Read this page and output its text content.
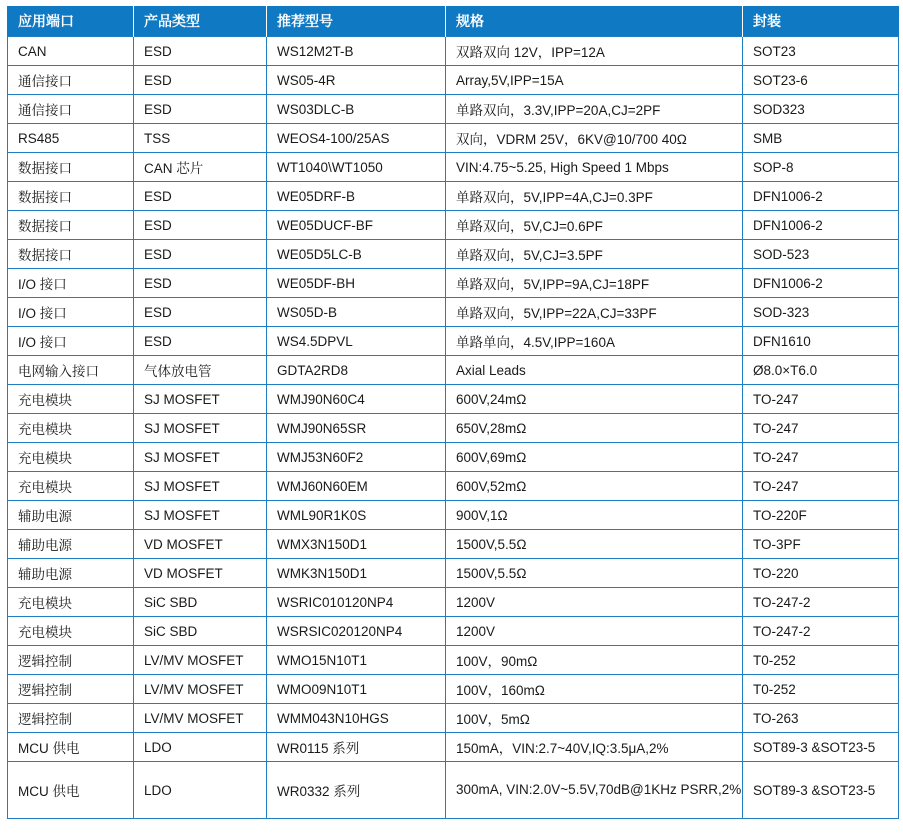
应用端口	产品类型	推荐型号	规格	封装
CAN	ESD	WS12M2T-B	双路双向 12V，IPP=12A	SOT23
通信接口	ESD	WS05-4R	Array,5V,IPP=15A	SOT23-6
通信接口	ESD	WS03DLC-B	单路双向，3.3V,IPP=20A,CJ=2PF	SOD323
RS485	TSS	WEOS4-100/25AS	双向，VDRM 25V，6KV@10/700 40Ω	SMB
数据接口	CAN 芯片	WT1040\WT1050	VIN:4.75~5.25, High Speed 1 Mbps	SOP-8
数据接口	ESD	WE05DRF-B	单路双向，5V,IPP=4A,CJ=0.3PF	DFN1006-2
数据接口	ESD	WE05DUCF-BF	单路双向，5V,CJ=0.6PF	DFN1006-2
数据接口	ESD	WE05D5LC-B	单路双向，5V,CJ=3.5PF	SOD-523
I/O 接口	ESD	WE05DF-BH	单路双向，5V,IPP=9A,CJ=18PF	DFN1006-2
I/O 接口	ESD	WS05D-B	单路双向，5V,IPP=22A,CJ=33PF	SOD-323
I/O 接口	ESD	WS4.5DPVL	单路单向，4.5V,IPP=160A	DFN1610
电网输入接口	气体放电管	GDTA2RD8	Axial Leads	Ø8.0×T6.0
充电模块	SJ MOSFET	WMJ90N60C4	600V,24mΩ	TO-247
充电模块	SJ MOSFET	WMJ90N65SR	650V,28mΩ	TO-247
充电模块	SJ MOSFET	WMJ53N60F2	600V,69mΩ	TO-247
充电模块	SJ MOSFET	WMJ60N60EM	600V,52mΩ	TO-247
辅助电源	SJ MOSFET	WML90R1K0S	900V,1Ω	TO-220F
辅助电源	VD MOSFET	WMX3N150D1	1500V,5.5Ω	TO-3PF
辅助电源	VD MOSFET	WMK3N150D1	1500V,5.5Ω	TO-220
充电模块	SiC SBD	WSRIC010120NP4	1200V	TO-247-2
充电模块	SiC SBD	WSRSIC020120NP4	1200V	TO-247-2
逻辑控制	LV/MV MOSFET	WMO15N10T1	100V，90mΩ	T0-252
逻辑控制	LV/MV MOSFET	WMO09N10T1	100V，160mΩ	T0-252
逻辑控制	LV/MV MOSFET	WMM043N10HGS	100V，5mΩ	TO-263
MCU 供电	LDO	WR0115 系列	150mA，VIN:2.7~40V,IQ:3.5μA,2%	SOT89-3 &SOT23-5
MCU 供电	LDO	WR0332 系列	300mA, VIN:2.0V~5.5V,70dB@1KHz PSRR,2%	SOT89-3 &SOT23-5
